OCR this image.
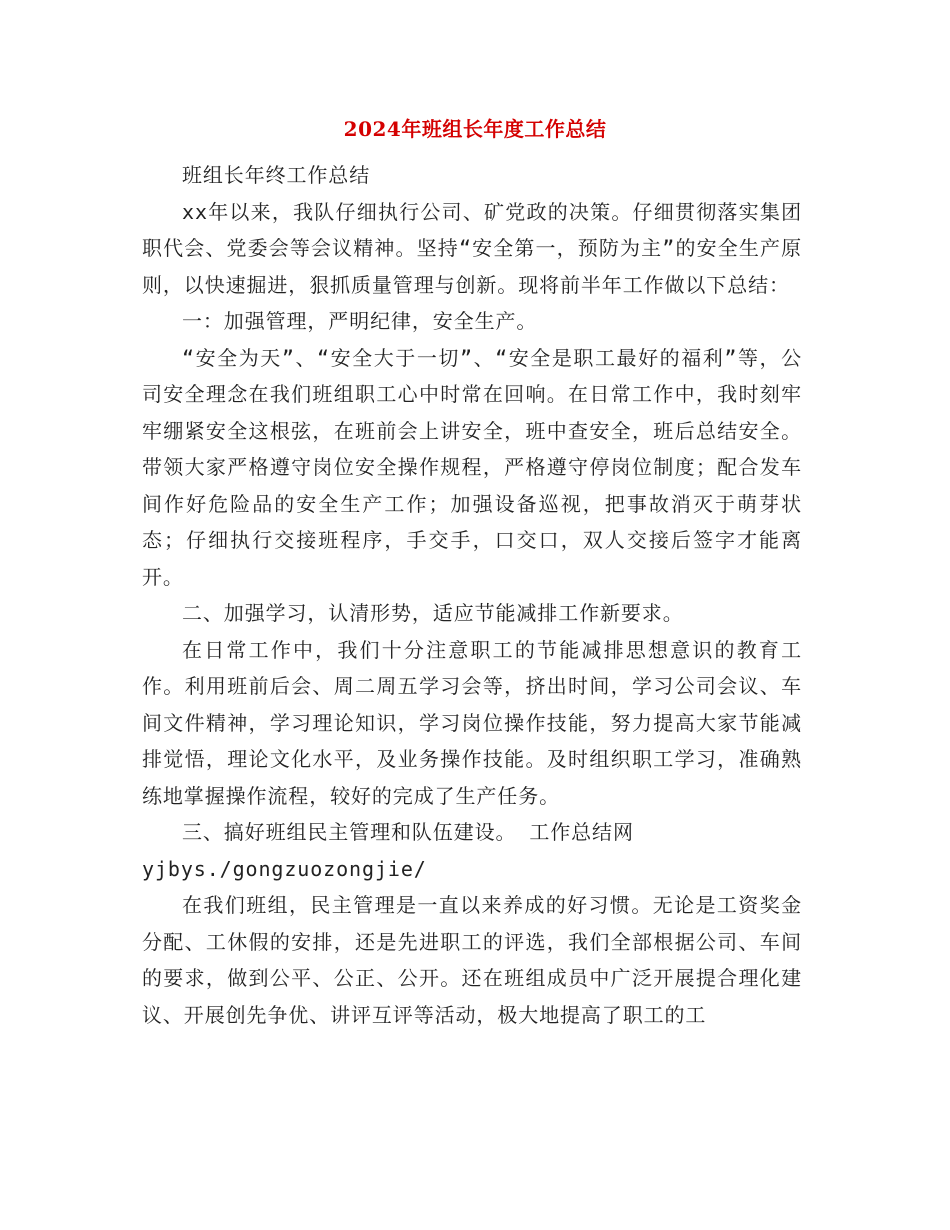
2024年班组长年度工作总结

班组长年终工作总结

xx年以来，我队仔细执行公司、矿党政的决策。仔细贯彻落实集团职代会、党委会等会议精神。坚持“安全第一，预防为主”的安全生产原则，以快速掘进，狠抓质量管理与创新。现将前半年工作做以下总结：

一：加强管理，严明纪律，安全生产。

“安全为天”、“安全大于一切”、“安全是职工最好的福利”等，公司安全理念在我们班组职工心中时常在回响。在日常工作中，我时刻牢牢绷紧安全这根弦，在班前会上讲安全，班中查安全，班后总结安全。带领大家严格遵守岗位安全操作规程，严格遵守停岗位制度；配合发车间作好危险品的安全生产工作；加强设备巡视，把事故消灭于萌芽状态；仔细执行交接班程序，手交手，口交口，双人交接后签字才能离开。

二、加强学习，认清形势，适应节能减排工作新要求。

在日常工作中，我们十分注意职工的节能减排思想意识的教育工作。利用班前后会、周二周五学习会等，挤出时间，学习公司会议、车间文件精神，学习理论知识，学习岗位操作技能，努力提高大家节能减排觉悟，理论文化水平，及业务操作技能。及时组织职工学习，准确熟练地掌握操作流程，较好的完成了生产任务。

三、搞好班组民主管理和队伍建设。 工作总结网

yjbys./gongzuozongjie/

在我们班组，民主管理是一直以来养成的好习惯。无论是工资奖金分配、工休假的安排，还是先进职工的评选，我们全部根据公司、车间的要求，做到公平、公正、公开。还在班组成员中广泛开展提合理化建议、开展创先争优、讲评互评等活动，极大地提高了职工的工
